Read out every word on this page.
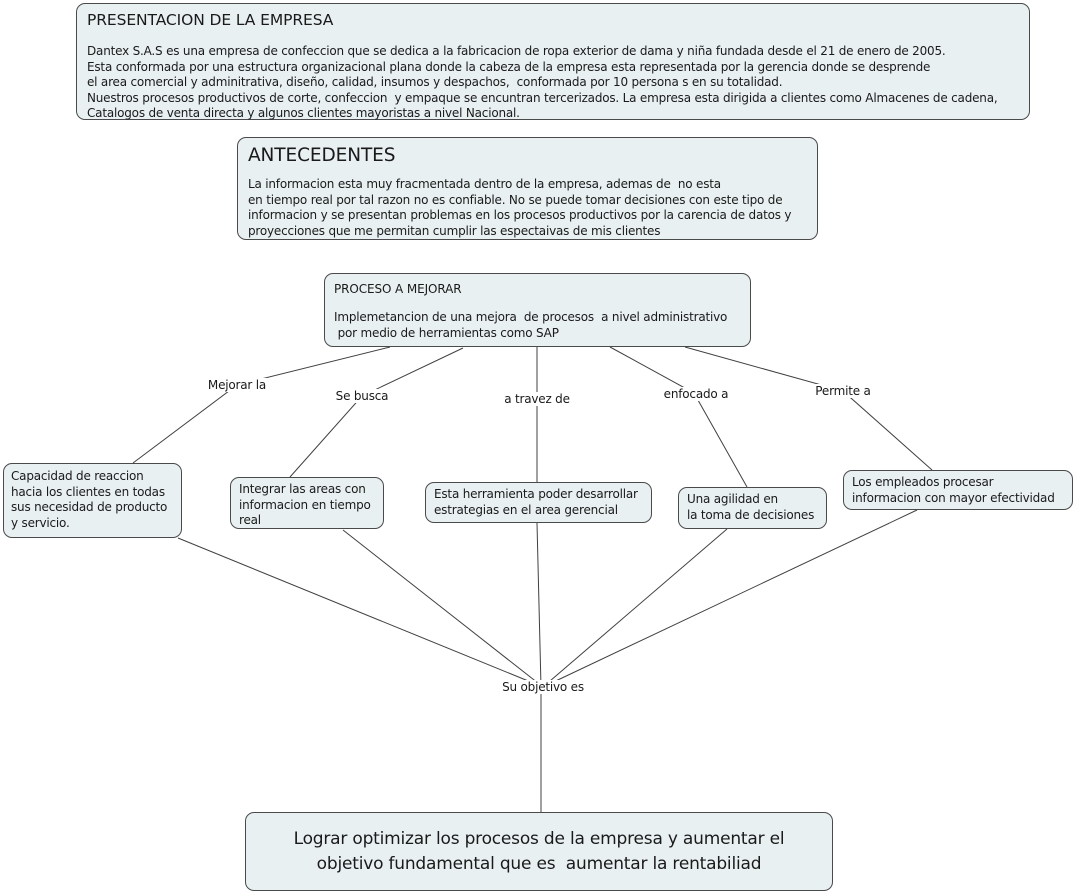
PRESENTACION DE LA EMPRESA
Dantex S.A.S es una empresa de confeccion que se dedica a la fabricacion de ropa exterior de dama y niña fundada desde el 21 de enero de 2005.
Esta conformada por una estructura organizacional plana donde la cabeza de la empresa esta representada por la gerencia donde se desprende
el area comercial y adminitrativa, diseño, calidad, insumos y despachos,  conformada por 10 persona s en su totalidad.
Nuestros procesos productivos de corte, confeccion  y empaque se encuntran tercerizados. La empresa esta dirigida a clientes como Almacenes de cadena,
Catalogos de venta directa y algunos clientes mayoristas a nivel Nacional.
ANTECEDENTES
La informacion esta muy fracmentada dentro de la empresa, ademas de  no esta
en tiempo real por tal razon no es confiable. No se puede tomar decisiones con este tipo de
informacion y se presentan problemas en los procesos productivos por la carencia de datos y
proyecciones que me permitan cumplir las espectaivas de mis clientes
PROCESO A MEJORAR
Implemetancion de una mejora  de procesos  a nivel administrativo
por medio de herramientas como SAP
Capacidad de reaccion
hacia los clientes en todas
sus necesidad de producto
y servicio.
Integrar las areas con
informacion en tiempo
real
Esta herramienta poder desarrollar
estrategias en el area gerencial
Una agilidad en
la toma de decisiones
Los empleados procesar
informacion con mayor efectividad
Lograr optimizar los procesos de la empresa y aumentar el
objetivo fundamental que es  aumentar la rentabiliad
Mejorar la
Se busca	a travez de	enfocado a	Permite a
Su objetivo es
